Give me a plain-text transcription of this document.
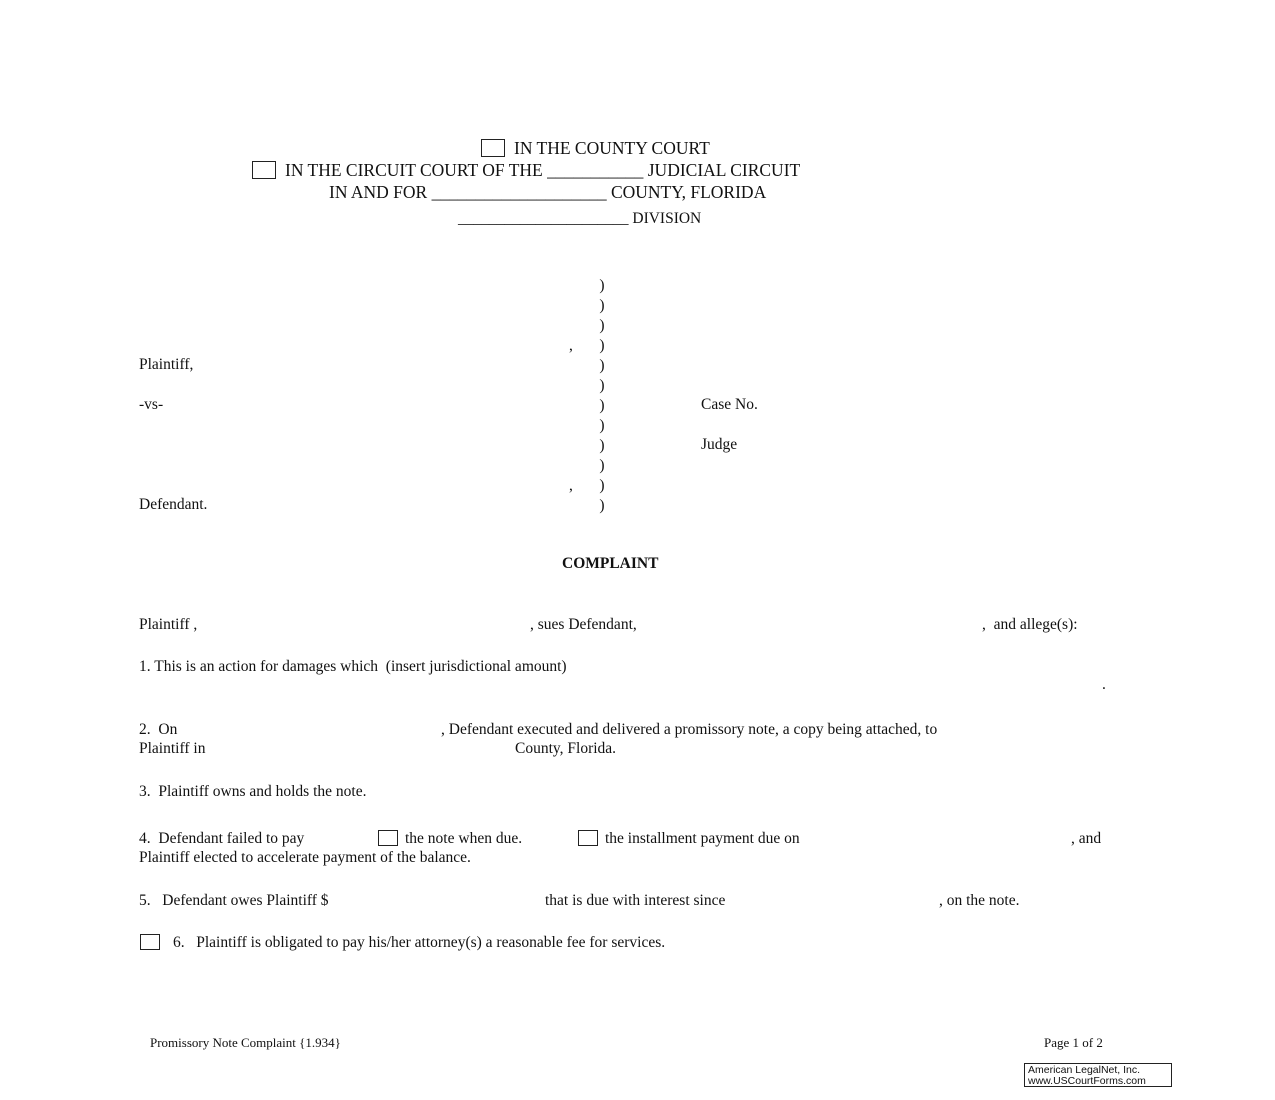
IN THE COUNTY COURT
IN THE CIRCUIT COURT OF THE ___________ JUDICIAL CIRCUIT
IN AND FOR ____________________ COUNTY, FLORIDA
______________________ DIVISION
)
)
)
)
)
)
)
)
)
)
)
)
,
Plaintiff,
-vs-	Case No.
Judge
,
Defendant.
COMPLAINT
Plaintiff ,	, sues Defendant,	,  and allege(s):
1. This is an action for damages which  (insert jurisdictional amount)
.
2.  On	, Defendant executed and delivered a promissory note, a copy being attached, to
Plaintiff in	County, Florida.
3.  Plaintiff owns and holds the note.
4.  Defendant failed to pay	the note when due.	the installment payment due on	, and
Plaintiff elected to accelerate payment of the balance.
5.   Defendant owes Plaintiff $	that is due with interest since	, on the note.
6.   Plaintiff is obligated to pay his/her attorney(s) a reasonable fee for services.
Promissory Note Complaint {1.934}	Page 1 of 2
American LegalNet, Inc.
www.USCourtForms.com
